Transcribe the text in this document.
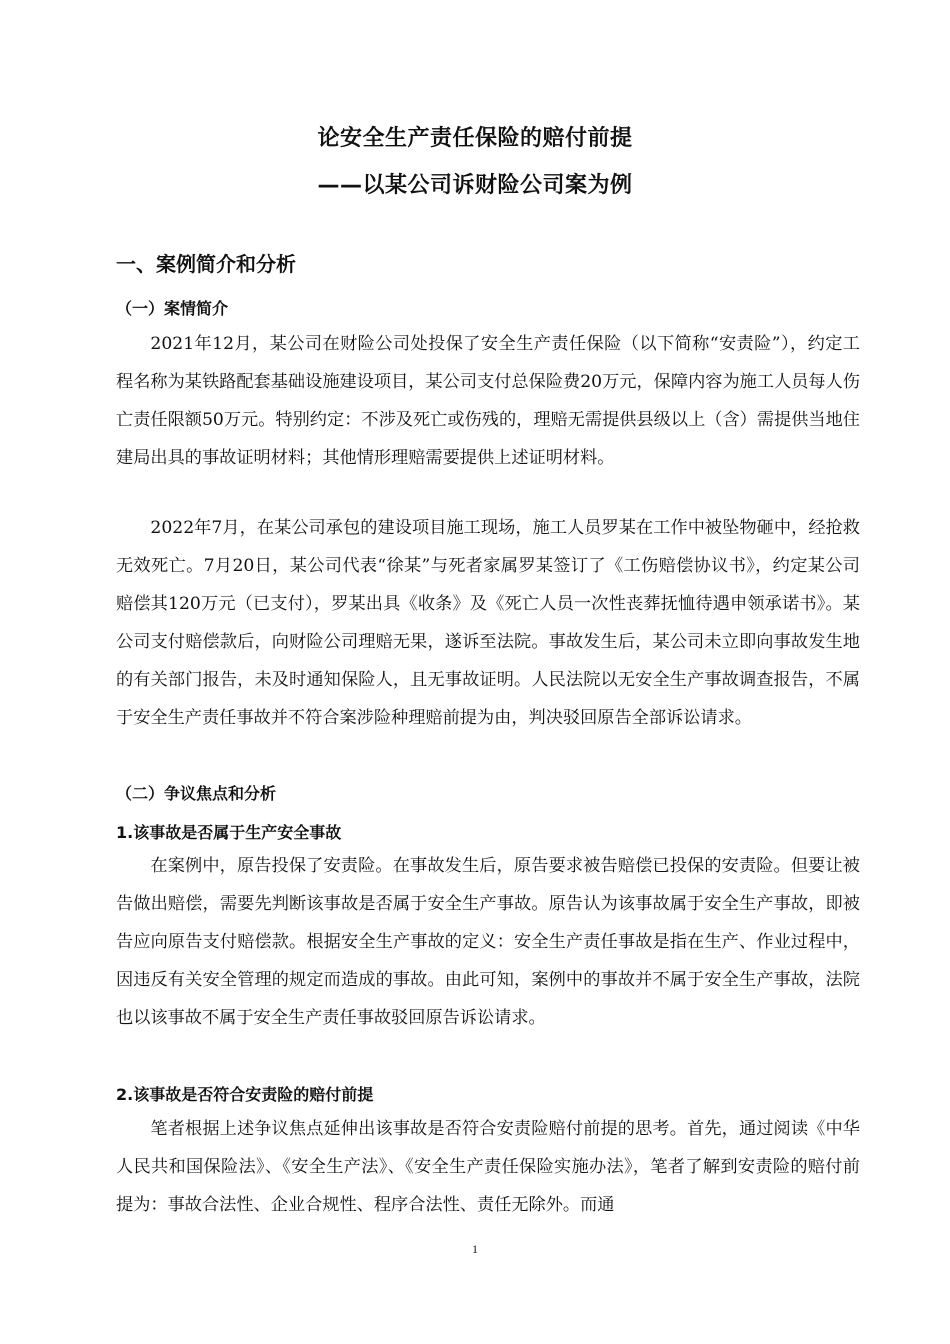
论安全生产责任保险的赔付前提
——以某公司诉财险公司案为例
一、案例简介和分析
（一）案情简介

2021年12月，某公司在财险公司处投保了安全生产责任保险（以下简称“安责险”），约定工程名称为某铁路配套基础设施建设项目，某公司支付总保险费20万元，保障内容为施工人员每人伤亡责任限额50万元。特别约定：不涉及死亡或伤残的，理赔无需提供县级以上（含）需提供当地住建局出具的事故证明材料；其他情形理赔需要提供上述证明材料。

2022年7月，在某公司承包的建设项目施工现场，施工人员罗某在工作中被坠物砸中，经抢救无效死亡。7月20日，某公司代表“徐某”与死者家属罗某签订了《工伤赔偿协议书》，约定某公司赔偿其120万元（已支付），罗某出具《收条》及《死亡人员一次性丧葬抚恤待遇申领承诺书》。某公司支付赔偿款后，向财险公司理赔无果，遂诉至法院。事故发生后，某公司未立即向事故发生地的有关部门报告，未及时通知保险人，且无事故证明。人民法院以无安全生产事故调查报告，不属于安全生产责任事故并不符合案涉险种理赔前提为由，判决驳回原告全部诉讼请求。

（二）争议焦点和分析
1.该事故是否属于生产安全事故

在案例中，原告投保了安责险。在事故发生后，原告要求被告赔偿已投保的安责险。但要让被告做出赔偿，需要先判断该事故是否属于安全生产事故。原告认为该事故属于安全生产事故，即被告应向原告支付赔偿款。根据安全生产事故的定义：安全生产责任事故是指在生产、作业过程中，因违反有关安全管理的规定而造成的事故。由此可知，案例中的事故并不属于安全生产事故，法院也以该事故不属于安全生产责任事故驳回原告诉讼请求。

2.该事故是否符合安责险的赔付前提

笔者根据上述争议焦点延伸出该事故是否符合安责险赔付前提的思考。首先，通过阅读《中华人民共和国保险法》、《安全生产法》、《安全生产责任保险实施办法》，笔者了解到安责险的赔付前提为：事故合法性、企业合规性、程序合法性、责任无除外。而通

1
